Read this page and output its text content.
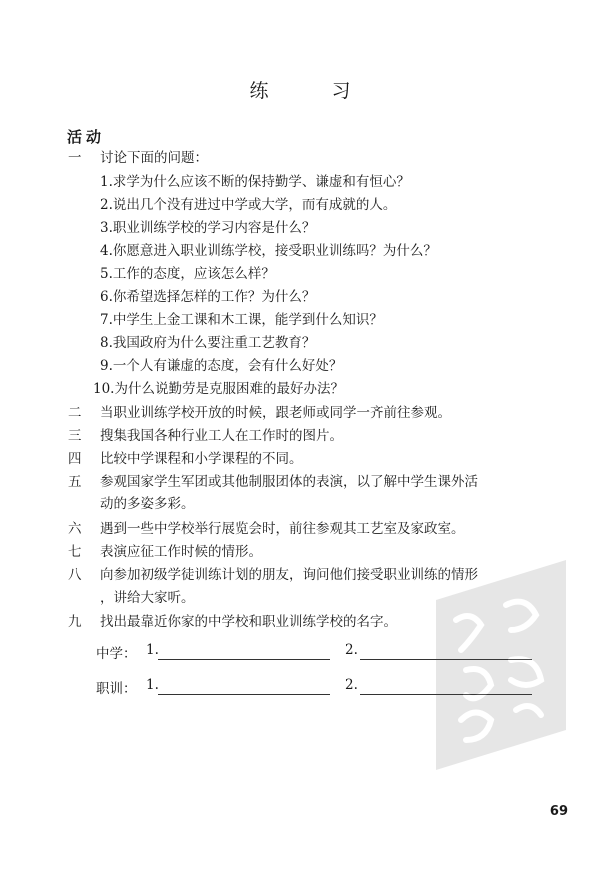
练　习
活动
一	讨论下面的问题：
1.求学为什么应该不断的保持勤学、谦虚和有恒心？
2.说出几个没有进过中学或大学，而有成就的人。
3.职业训练学校的学习内容是什么？
4.你愿意进入职业训练学校，接受职业训练吗？为什么？
5.工作的态度，应该怎么样？
6.你希望选择怎样的工作？为什么？
7.中学生上金工课和木工课，能学到什么知识？
8.我国政府为什么要注重工艺教育？
9.一个人有谦虚的态度，会有什么好处？
10.为什么说勤劳是克服困难的最好办法？
二	当职业训练学校开放的时候，跟老师或同学一齐前往参观。
三	搜集我国各种行业工人在工作时的图片。
四	比较中学课程和小学课程的不同。
五	参观国家学生军团或其他制服团体的表演，以了解中学生课外活
动的多姿多彩。
六	遇到一些中学校举行展览会时，前往参观其工艺室及家政室。
七	表演应征工作时候的情形。
八	向参加初级学徒训练计划的朋友，询问他们接受职业训练的情形
，讲给大家听。
九	找出最靠近你家的中学校和职业训练学校的名字。
中学： 1.	2.
职训： 1.	2.
69
